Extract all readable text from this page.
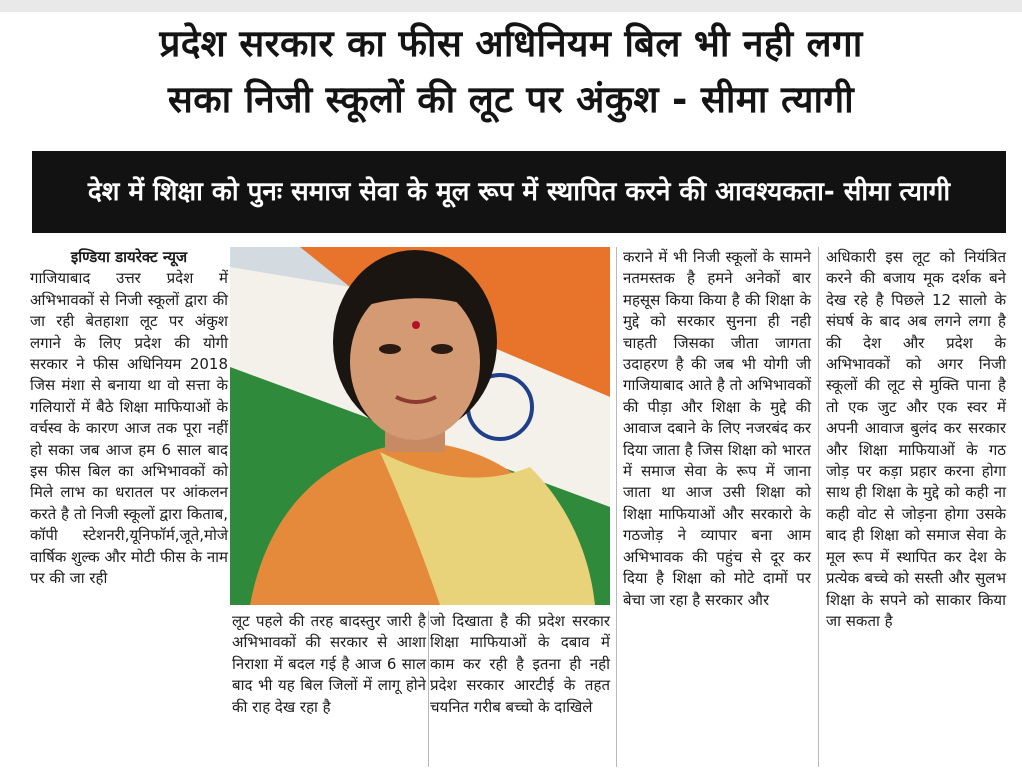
प्रदेश सरकार का फीस अधिनियम बिल भी नही लगा
सका निजी स्कूलों की लूट पर अंकुश - सीमा त्यागी
देश में शिक्षा को पुनः समाज सेवा के मूल रूप में स्थापित करने की आवश्यकता- सीमा त्यागी
इण्डिया डायरेक्ट न्यूज

गाजियाबाद उत्तर प्रदेश में अभिभावकों से निजी स्कूलों द्वारा की जा रही बेतहाशा लूट पर अंकुश लगाने के लिए प्रदेश की योगी सरकार ने फीस अधिनियम 2018 जिस मंशा से बनाया था वो सत्ता के गलियारों में बैठे शिक्षा माफियाओं के वर्चस्व के कारण आज तक पूरा नहीं हो सका जब आज हम 6 साल बाद इस फीस बिल का अभिभावकों को मिले लाभ का धरातल पर आंकलन करते है तो निजी स्कूलों द्वारा किताब, कॉपी स्टेशनरी,यूनिफॉर्म,जूते,मोजे वार्षिक शुल्क और मोटी फीस के नाम पर की जा रही

लूट पहले की तरह बादस्तुर जारी है अभिभावकों की सरकार से आशा निराशा में बदल गई है आज 6 साल बाद भी यह बिल जिलों में लागू होने की राह देख रहा है

जो दिखाता है की प्रदेश सरकार शिक्षा माफियाओं के दबाव में काम कर रही है इतना ही नही प्रदेश सरकार आरटीई के तहत चयनित गरीब बच्चो के दाखिले

कराने में भी निजी स्कूलों के सामने नतमस्तक है हमने अनेकों बार महसूस किया किया है की शिक्षा के मुद्दे को सरकार सुनना ही नही चाहती जिसका जीता जागता उदाहरण है की जब भी योगी जी गाजियाबाद आते है तो अभिभावकों की पीड़ा और शिक्षा के मुद्दे की आवाज दबाने के लिए नजरबंद कर दिया जाता है जिस शिक्षा को भारत में समाज सेवा के रूप में जाना जाता था आज उसी शिक्षा को शिक्षा माफियाओं और सरकारो के गठजोड़ ने व्यापार बना आम अभिभावक की पहुंच से दूर कर दिया है शिक्षा को मोटे दामों पर बेचा जा रहा है सरकार और

अधिकारी इस लूट को नियंत्रित करने की बजाय मूक दर्शक बने देख रहे है पिछले 12 सालो के संघर्ष के बाद अब लगने लगा है की देश और प्रदेश के अभिभावकों को अगर निजी स्कूलों की लूट से मुक्ति पाना है तो एक जुट और एक स्वर में अपनी आवाज बुलंद कर सरकार और शिक्षा माफियाओं के गठ जोड़ पर कड़ा प्रहार करना होगा साथ ही शिक्षा के मुद्दे को कही ना कही वोट से जोड़ना होगा उसके बाद ही शिक्षा को समाज सेवा के मूल रूप में स्थापित कर देश के प्रत्येक बच्चे को सस्ती और सुलभ शिक्षा के सपने को साकार किया जा सकता है
